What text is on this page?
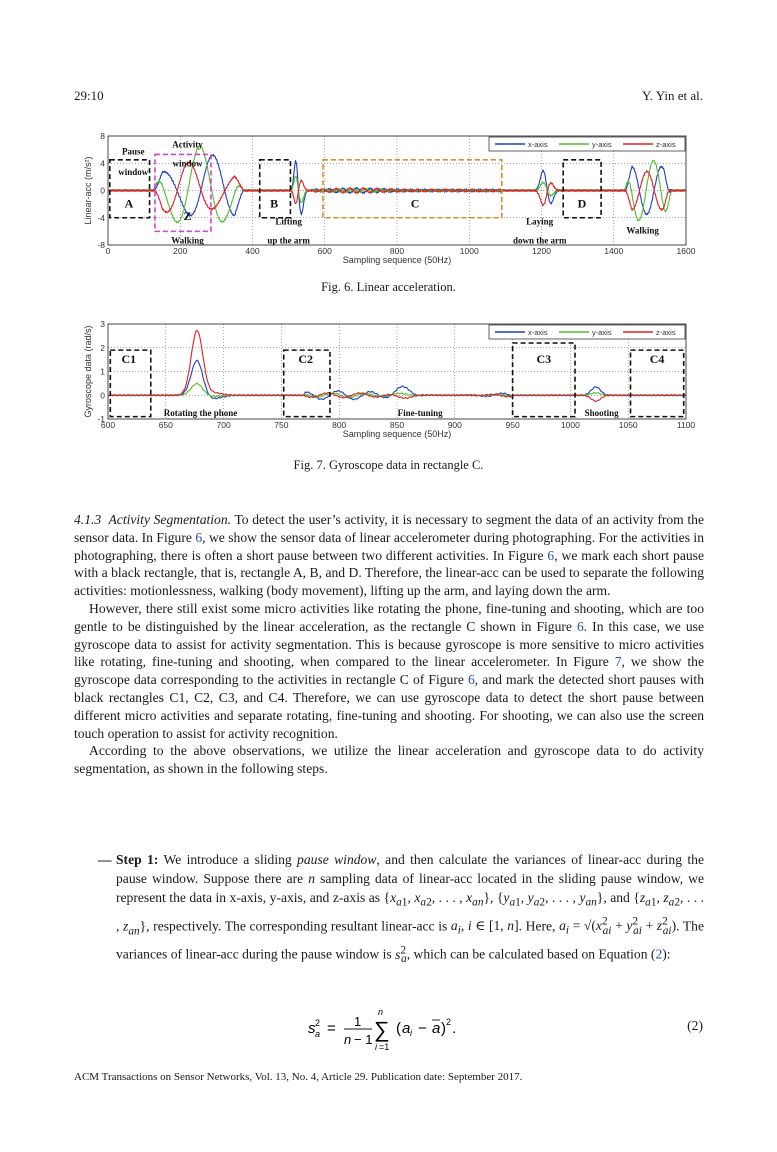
29:10	Y. Yin et al.
0	200	400	600	800	1000	1200	1400	1600
8
4
0
-4
-8
Sampling sequence (50Hz)
Linear-acc (m/s²)
x-axis	y-axis	z-axis
Pause
window
Activity
window
A	B	C	D
Z
Walking
Lifting
up the arm
Laying
down the arm
Walking
Fig. 6. Linear acceleration.
600	650	700	750	800	850	900	950	1000	1050	1100
3
2
1
0
-1
Sampling sequence (50Hz)
Gyroscope data (rad/s)	x-axis	y-axis	z-axis
C1	C2	C3	C4
Rotating the phone	Fine-tuning	Shooting
Fig. 7. Gyroscope data in rectangle C.

4.1.3 Activity Segmentation. To detect the user’s activity, it is necessary to segment the data of an activity from the sensor data. In Figure 6, we show the sensor data of linear accelerometer during photographing. For the activities in photographing, there is often a short pause between two different activities. In Figure 6, we mark each short pause with a black rectangle, that is, rectangle A, B, and D. Therefore, the linear-acc can be used to separate the following activities: motionlessness, walking (body movement), lifting up the arm, and laying down the arm.

However, there still exist some micro activities like rotating the phone, fine-tuning and shooting, which are too gentle to be distinguished by the linear acceleration, as the rectangle C shown in Figure 6. In this case, we use gyroscope data to assist for activity segmentation. This is because gyroscope is more sensitive to micro activities like rotating, fine-tuning and shooting, when compared to the linear accelerometer. In Figure 7, we show the gyroscope data corresponding to the activities in rectangle C of Figure 6, and mark the detected short pauses with black rectangles C1, C2, C3, and C4. Therefore, we can use gyroscope data to detect the short pause between different micro activities and separate rotating, fine-tuning and shooting. For shooting, we can also use the screen touch operation to assist for activity recognition.

According to the above observations, we utilize the linear acceleration and gyroscope data to do activity segmentation, as shown in the following steps.

— Step 1: We introduce a sliding pause window, and then calculate the variances of linear-acc during the pause window. Suppose there are n sampling data of linear-acc located in the sliding pause window, we represent the data in x-axis, y-axis, and z-axis as {$x_{a1}$, $x_{a2}$, . . . , $x_{an}$}, {$y_{a1}$, $y_{a2}$, . . . , $y_{an}$}, and {$z_{a1}$, $z_{a2}$, . . . , $z_{an}$}, respectively. The corresponding resultant linear-acc is $a_i$, i ∈ [1, n]. Here, $a_i = √(x^2_{ai} + y^2_{ai} + z^2_{ai})$. The variances of linear-acc during the pause window is $s^2_a$, which can be calculated based on Equation (2):
s 2
a = 1
n − 1
n
∑
i =1
( a i − a ) 2 .	(2)
ACM Transactions on Sensor Networks, Vol. 13, No. 4, Article 29. Publication date: September 2017.
